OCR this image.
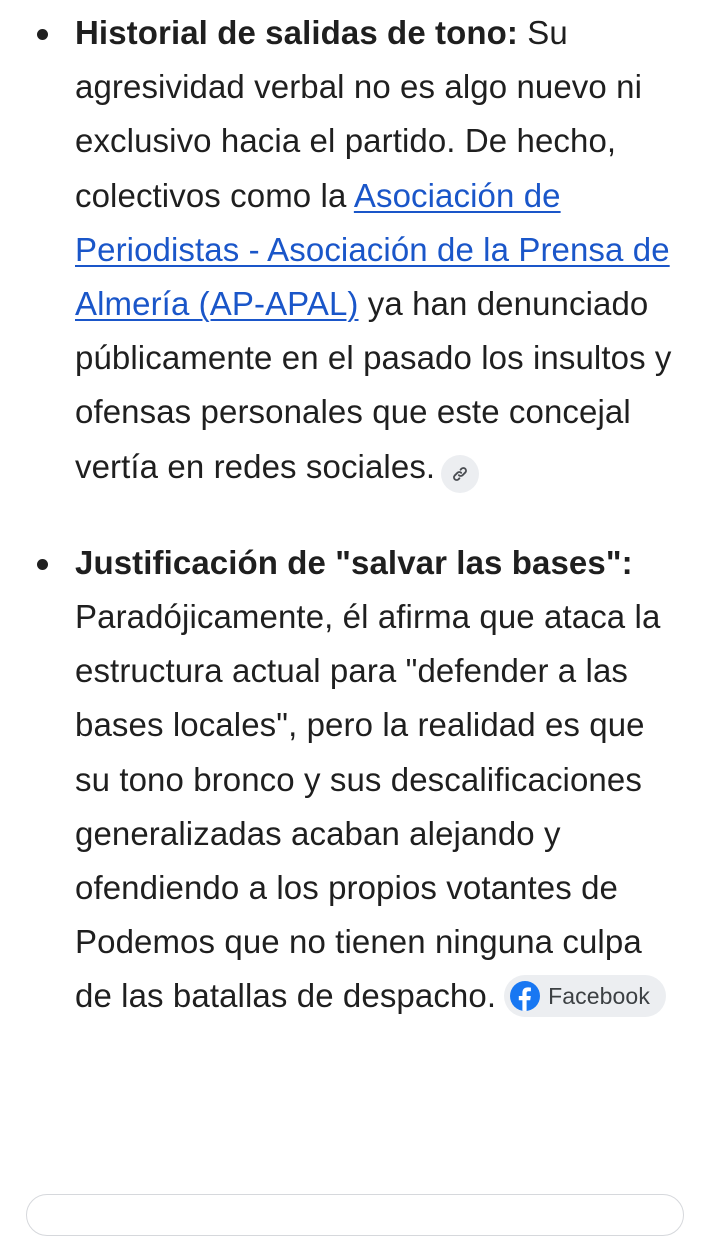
Historial de salidas de tono: Su agresividad verbal no es algo nuevo ni exclusivo hacia el partido. De hecho, colectivos como la Asociación de Periodistas - Asociación de la Prensa de Almería (AP-APAL) ya han denunciado públicamente en el pasado los insultos y ofensas personales que este concejal vertía en redes sociales.
Justificación de "salvar las bases": Paradójicamente, él afirma que ataca la estructura actual para "defender a las bases locales", pero la realidad es que su tono bronco y sus descalificaciones generalizadas acaban alejando y ofendiendo a los propios votantes de Podemos que no tienen ninguna culpa de las batallas de despacho. Facebook
